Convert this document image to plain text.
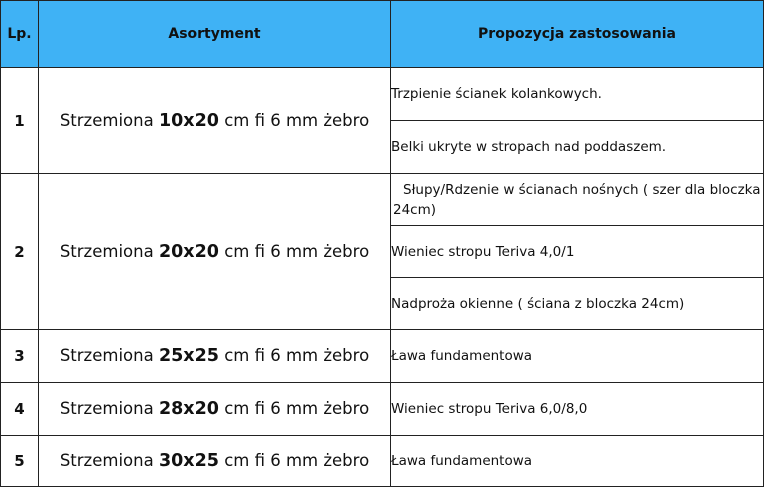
Lp.	Asortyment	Propozycja zastosowania
1	Strzemiona 10x20 cm fi 6 mm żebro	Trzpienie ścianek kolankowych.
		Belki ukryte w stropach nad poddaszem.
2	Strzemiona 20x20 cm fi 6 mm żebro	Słupy/Rdzenie w ścianach nośnych ( szer dla bloczka 24cm)
		Wieniec stropu Teriva 4,0/1
		Nadproża okienne ( ściana z bloczka 24cm)
3	Strzemiona 25x25 cm fi 6 mm żebro	Ława fundamentowa
4	Strzemiona 28x20 cm fi 6 mm żebro	Wieniec stropu Teriva 6,0/8,0
5	Strzemiona 30x25 cm fi 6 mm żebro	Ława fundamentowa
